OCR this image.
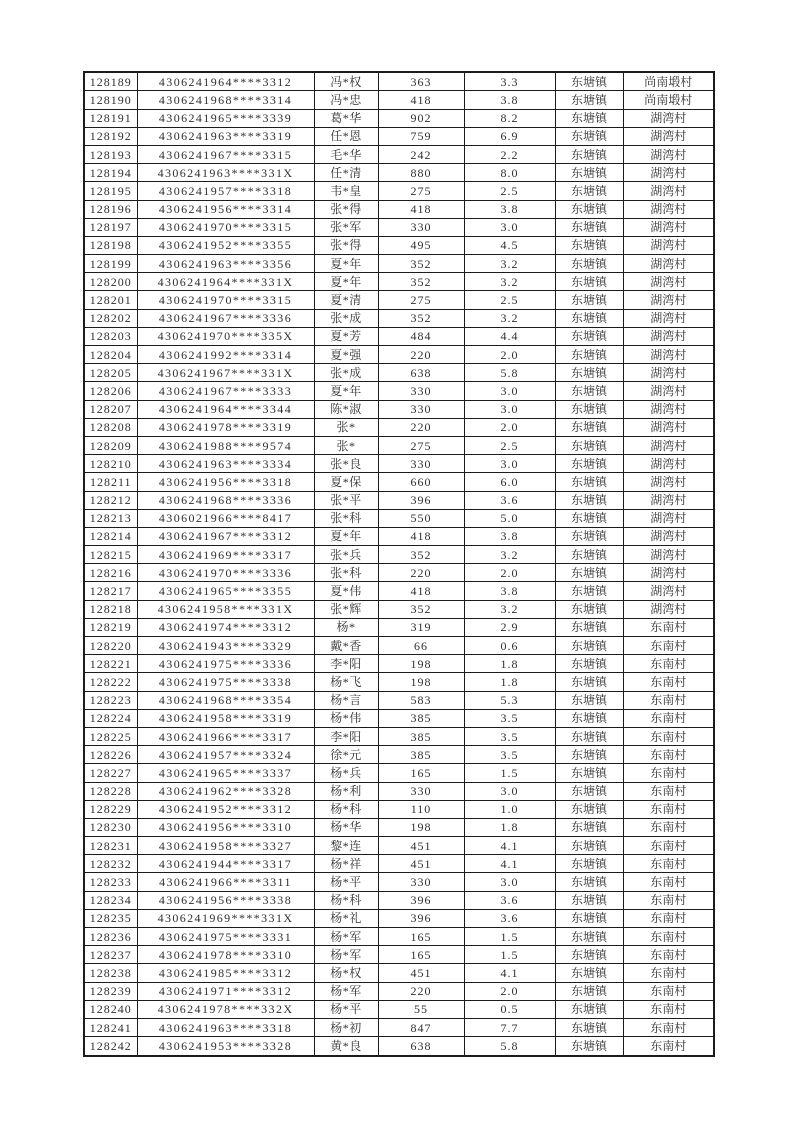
128189	4306241964****3312	冯*权	363	3.3	东塘镇	尚南塅村
128190	4306241968****3314	冯*忠	418	3.8	东塘镇	尚南塅村
128191	4306241965****3339	葛*华	902	8.2	东塘镇	湖湾村
128192	4306241963****3319	任*恩	759	6.9	东塘镇	湖湾村
128193	4306241967****3315	毛*华	242	2.2	东塘镇	湖湾村
128194	4306241963****331X	任*清	880	8.0	东塘镇	湖湾村
128195	4306241957****3318	韦*皇	275	2.5	东塘镇	湖湾村
128196	4306241956****3314	张*得	418	3.8	东塘镇	湖湾村
128197	4306241970****3315	张*军	330	3.0	东塘镇	湖湾村
128198	4306241952****3355	张*得	495	4.5	东塘镇	湖湾村
128199	4306241963****3356	夏*年	352	3.2	东塘镇	湖湾村
128200	4306241964****331X	夏*年	352	3.2	东塘镇	湖湾村
128201	4306241970****3315	夏*清	275	2.5	东塘镇	湖湾村
128202	4306241967****3336	张*成	352	3.2	东塘镇	湖湾村
128203	4306241970****335X	夏*芳	484	4.4	东塘镇	湖湾村
128204	4306241992****3314	夏*强	220	2.0	东塘镇	湖湾村
128205	4306241967****331X	张*成	638	5.8	东塘镇	湖湾村
128206	4306241967****3333	夏*年	330	3.0	东塘镇	湖湾村
128207	4306241964****3344	陈*淑	330	3.0	东塘镇	湖湾村
128208	4306241978****3319	张*	220	2.0	东塘镇	湖湾村
128209	4306241988****9574	张*	275	2.5	东塘镇	湖湾村
128210	4306241963****3334	张*良	330	3.0	东塘镇	湖湾村
128211	4306241956****3318	夏*保	660	6.0	东塘镇	湖湾村
128212	4306241968****3336	张*平	396	3.6	东塘镇	湖湾村
128213	4306021966****8417	张*科	550	5.0	东塘镇	湖湾村
128214	4306241967****3312	夏*年	418	3.8	东塘镇	湖湾村
128215	4306241969****3317	张*兵	352	3.2	东塘镇	湖湾村
128216	4306241970****3336	张*科	220	2.0	东塘镇	湖湾村
128217	4306241965****3355	夏*伟	418	3.8	东塘镇	湖湾村
128218	4306241958****331X	张*辉	352	3.2	东塘镇	湖湾村
128219	4306241974****3312	杨*	319	2.9	东塘镇	东南村
128220	4306241943****3329	戴*香	66	0.6	东塘镇	东南村
128221	4306241975****3336	李*阳	198	1.8	东塘镇	东南村
128222	4306241975****3338	杨*飞	198	1.8	东塘镇	东南村
128223	4306241968****3354	杨*言	583	5.3	东塘镇	东南村
128224	4306241958****3319	杨*伟	385	3.5	东塘镇	东南村
128225	4306241966****3317	李*阳	385	3.5	东塘镇	东南村
128226	4306241957****3324	徐*元	385	3.5	东塘镇	东南村
128227	4306241965****3337	杨*兵	165	1.5	东塘镇	东南村
128228	4306241962****3328	杨*利	330	3.0	东塘镇	东南村
128229	4306241952****3312	杨*科	110	1.0	东塘镇	东南村
128230	4306241956****3310	杨*华	198	1.8	东塘镇	东南村
128231	4306241958****3327	黎*连	451	4.1	东塘镇	东南村
128232	4306241944****3317	杨*祥	451	4.1	东塘镇	东南村
128233	4306241966****3311	杨*平	330	3.0	东塘镇	东南村
128234	4306241956****3338	杨*科	396	3.6	东塘镇	东南村
128235	4306241969****331X	杨*礼	396	3.6	东塘镇	东南村
128236	4306241975****3331	杨*军	165	1.5	东塘镇	东南村
128237	4306241978****3310	杨*军	165	1.5	东塘镇	东南村
128238	4306241985****3312	杨*权	451	4.1	东塘镇	东南村
128239	4306241971****3312	杨*军	220	2.0	东塘镇	东南村
128240	4306241978****332X	杨*平	55	0.5	东塘镇	东南村
128241	4306241963****3318	杨*初	847	7.7	东塘镇	东南村
128242	4306241953****3328	黄*良	638	5.8	东塘镇	东南村
